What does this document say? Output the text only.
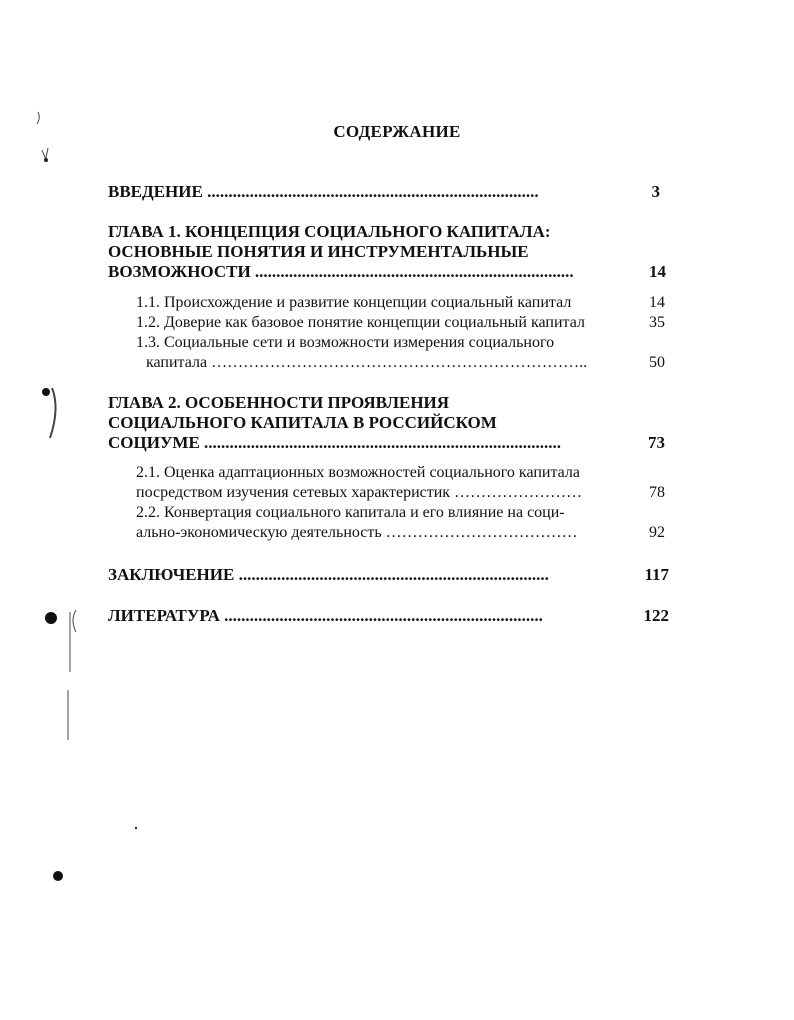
СОДЕРЖАНИЕ
ВВЕДЕНИЕ ..............................................................................	3
ГЛАВА 1. КОНЦЕПЦИЯ СОЦИАЛЬНОГО КАПИТАЛА:
ОСНОВНЫЕ ПОНЯТИЯ И ИНСТРУМЕНТАЛЬНЫЕ
ВОЗМОЖНОСТИ ...........................................................................	14
1.1. Происхождение и развитие концепции социальный капитал	14
1.2. Доверие как базовое понятие концепции социальный капитал	35
1.3. Социальные сети и возможности измерения социального
капитала ……………………………………………………………..	50
ГЛАВА 2. ОСОБЕННОСТИ ПРОЯВЛЕНИЯ
СОЦИАЛЬНОГО КАПИТАЛА В РОССИЙСКОМ
СОЦИУМЕ ....................................................................................	73
2.1. Оценка адаптационных возможностей социального капитала
посредством изучения сетевых характеристик ……………………	78
2.2. Конвертация социального капитала и его влияние на соци-
ально-экономическую деятельность ………………………………	92
ЗАКЛЮЧЕНИЕ .........................................................................	117
ЛИТЕРАТУРА ...........................................................................	122
